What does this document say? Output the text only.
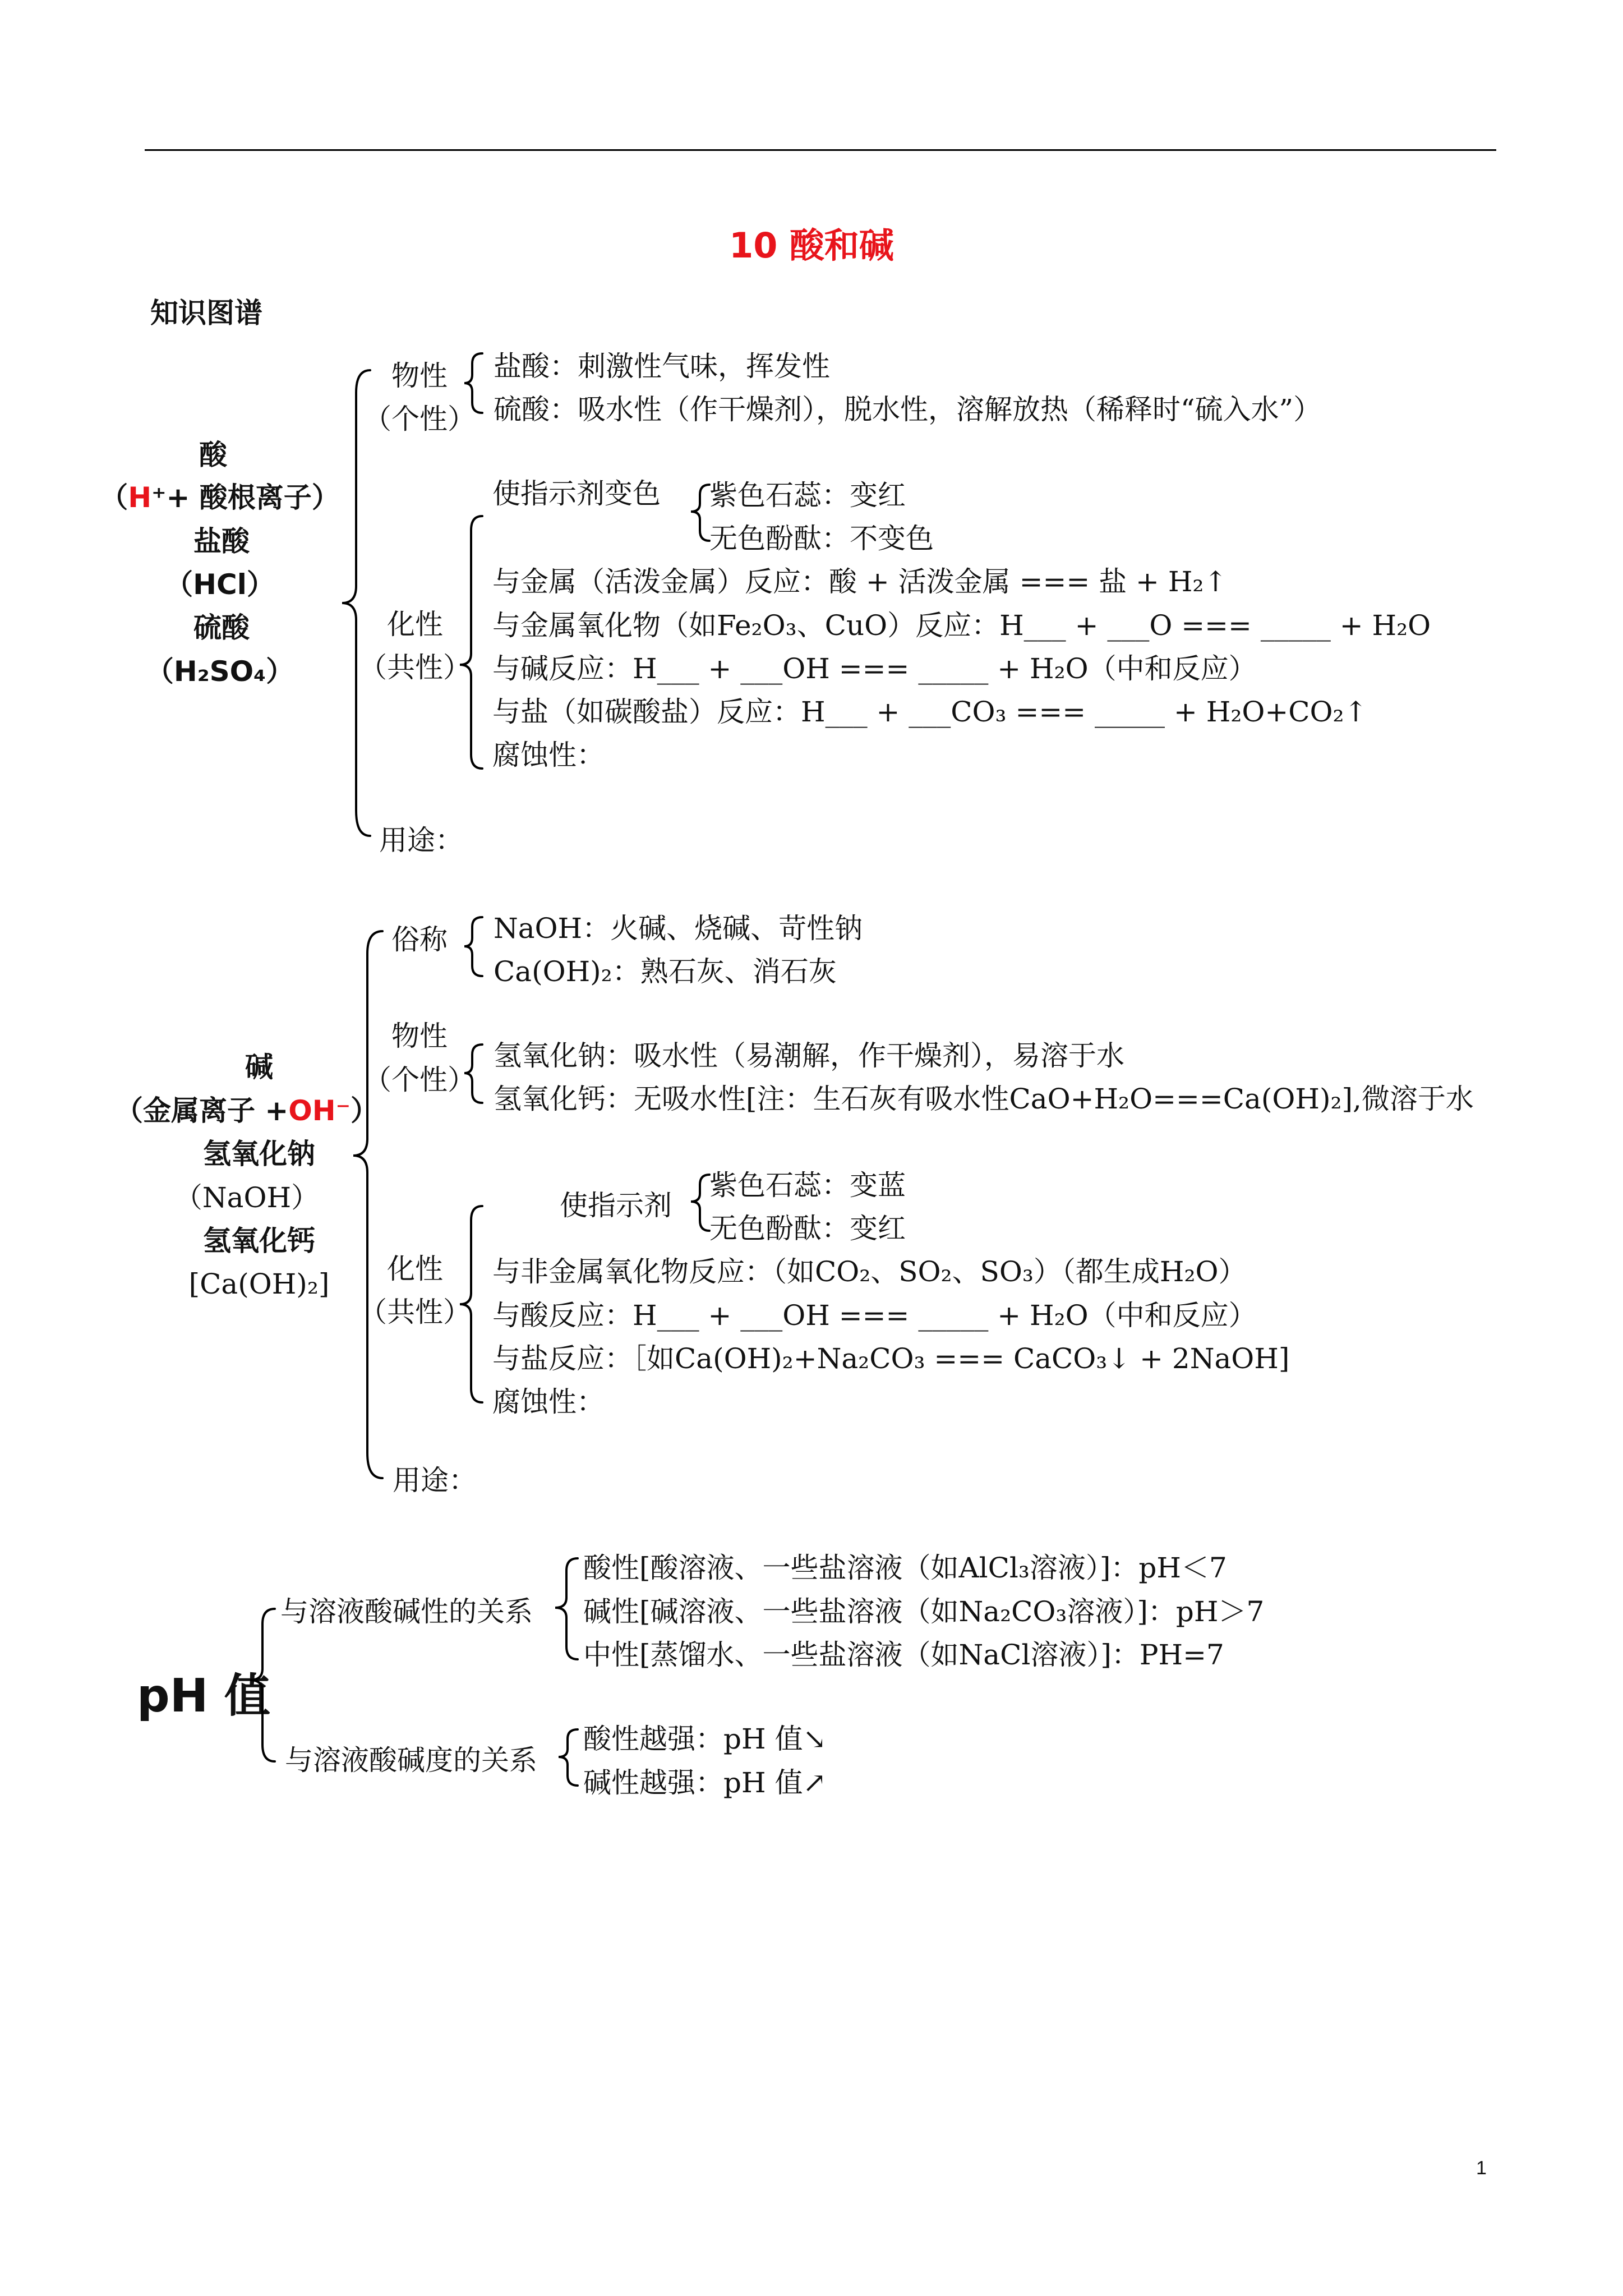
10 酸和碱
知识图谱
酸
（H⁺+ 酸根离子）
盐酸
（HCl）
硫酸
（H₂SO₄）
物性
（个性）
盐酸：刺激性气味，挥发性
硫酸：吸水性（作干燥剂），脱水性，溶解放热（稀释时“硫入水”）
使指示剂变色 紫色石蕊：变红
无色酚酞：不变色
与金属（活泼金属）反应：酸 + 活泼金属 === 盐 + H₂↑
与金属氧化物（如Fe₂O₃、CuO）反应：H___ + ___O === _____ + H₂O
与碱反应：H___ + ___OH === _____ + H₂O（中和反应）
与盐（如碳酸盐）反应：H___ + ___CO₃ === _____ + H₂O+CO₂↑
腐蚀性：
化性
（共性）
用途：
碱
（金属离子 +OH⁻）
氢氧化钠
（NaOH）
氢氧化钙
[Ca(OH)₂]
俗称 NaOH：火碱、烧碱、苛性钠
Ca(OH)₂：熟石灰、消石灰
物性
（个性）
氢氧化钠：吸水性（易潮解，作干燥剂），易溶于水
氢氧化钙：无吸水性[注：生石灰有吸水性CaO+H₂O===Ca(OH)₂],微溶于水
使指示剂
紫色石蕊：变蓝
无色酚酞：变红
与非金属氧化物反应：（如CO₂、SO₂、SO₃）（都生成H₂O）
与酸反应：H___ + ___OH === _____ + H₂O（中和反应）
与盐反应：［如Ca(OH)₂+Na₂CO₃ === CaCO₃↓ + 2NaOH]
腐蚀性：
化性
（共性）
用途：
pH 值
与溶液酸碱性的关系
酸性[酸溶液、一些盐溶液（如AlCl₃溶液）]：pH＜7
碱性[碱溶液、一些盐溶液（如Na₂CO₃溶液）]：pH＞7
中性[蒸馏水、一些盐溶液（如NaCl溶液）]：PH=7
与溶液酸碱度的关系
酸性越强：pH 值↘
碱性越强：pH 值↗
1
